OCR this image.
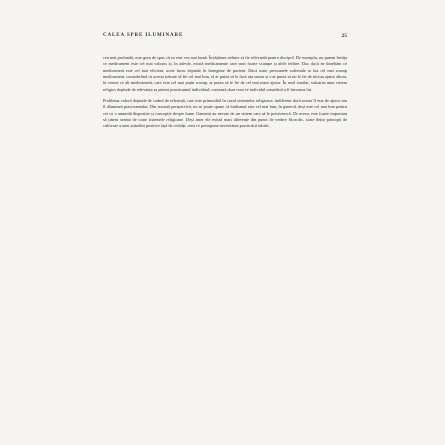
CALEA SPRE ILUMINARE	25

cea mai profundă, este greu de spus că ea este cea mai bună. Învățătura trebuie să fie relevantă pentru discipol. De exemplu, nu putem învăța ce medicament este cel mai valoros și, în adevăr, există medicamente care sunt foarte scumpe și alele ieftine. Dar, dacă ne întrebăm ce medicament este cel mai eficient, acest lucru depinde în întregime de pacient. Dacă toate persoanele suferinde ar lua cel mai scump medicament, considerând că acesta trebuie să fie cel mai bun, el ar putea să le facă rău unora și s-ar putea să nu le fie de niciun ajutor altora, în vreme ce alt medicament, care este cel mai puțin scump, ar putea să le fie de cel mai mare ajutor. În mod similar, valoarea unui sistem religios depinde de relevanța sa pentru practicantul individual; contează doar ceea ce individul consideră a fi învoarea lui.

Problema valorii depinde de cadrul de referință, care este primordial în cazul sistemelor religioase, indiferent dacă acesta îl este de ajutor sau îl dăunează practicantului. Din această perspectivă, nu se poate spune că budismul este cel mai bun, în general, deși este cel mai bun pentru cei cu o anumită dispoziție și concepție despre lume. Oamenii au nevoie de un sistem care să le potrivească. De aceea, este foarte important să ținem seama de toate sistemele religioase. Deși inter ele există mari diferențe din punct de vedere filozofic, toate dețin principii de cultivare a unei atitudini pozitive față de ceilalți, ceea ce presupune necesitatea practicării iubirii,
